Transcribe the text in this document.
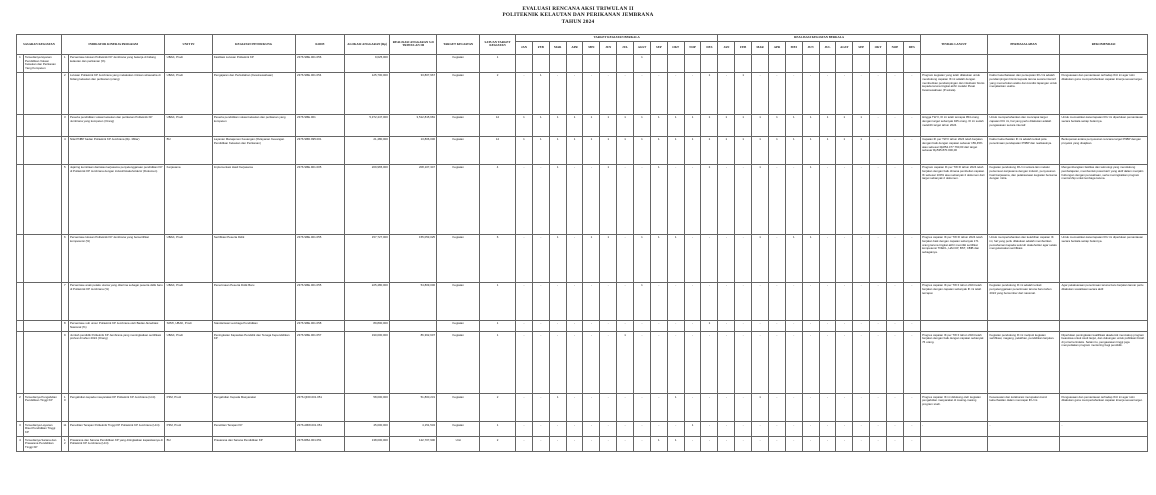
EVALUASI RENCANA AKSI TRIWULAN II
POLITEKNIK KELAUTAN DAN PERIKANAN JEMBRANA
TAHUN 2024
SASARAN KEGIATAN		INDIKATOR KINERJA PROGRAM		UNIT PJ	KEGIATAN PENDUKUNG	KODE	ALOKASI ANGGARAN (Rp)	REALISASI ANGGARAN S.D TRIWULAN III	TARGET KEGIATAN	SATUAN TARGET KEGIATAN	TARGET KEGIATAN BERKALA												REALISASI KEGIATAN BERKALA												TINDAK LANJUT	PERMASALAHAN	REKOMENDASI
											JAN	FEB	MAR	APR	MEI	JUN	JUL	AGST	SEP	OKT	NOP	DES	JAN	FEB	MAR	APR	MEI	JUN	JUL	AGST	SEP	OKT	NOP	DES			
1	Tersedianya layanan Pendidikan Vokasi Kelautan dan Perikanan Yang Kompeten	1	Persentase lulusan Politeknik KP Jembrana yang bekerja di bidang kelautan dan perikanan (%)	UBAK, Prodi	Fasilitasi Lulusan Politeknik KP	2376.SBE.001.056	9,625,000		Kegiatan	1								1																			
		2	Lulusan Politeknik KP Jembrana yang melakukan rintisan wirausaha di bidang kelautan dan perikanan (orang)	UBAK, Prodi	Pengajaran dan Perkuliahan (Kewirausahaan)	2376.SBE.001.054	125,700,000	33,807,967	Kegiatan	2	-	1	-	-	-	-	-	-	-	-	-	1	-	1	-	-	-	-	-	-	-	-	-	-	Program kegiatan yang telah dilakukan untuk mendukung capaian IK ini adalah dengan memberikan pendampingan dan inkubator bisnis kepada taruna tingkat akhir melalui Pusat Kewirausahaan (P-wirata).	Faktor keterbatasan dan persepsian IKU ini adalah pendampingan bisnis kepada taruna secara intensif yang memerlukan waktu dan kondisi lapangan untuk menjalankan usaha.	Penguasaan dan pemantauan terhadap IKU ini agar rutin dilakukan guna mempertahankan capaian kinerja sesuai target.
		3	Peserta pendidikan vokasi kelautan dan perikanan Politeknik KP Jembrana yang kompeten (Orang)	UBAK, Prodi	Peserta pendidikan vokasi kelautan dan perikanan yang kompeten	2376.SBE.001	5,372,447,000	3,512,815,681	Kegiatan	12	1	1	1	1	1	1	1	1	1	1	1	1	1	1	1	1	1	1	1	1	1	-	-	-	Hingga TW II, IK ini telah tercapai 954 orang dengan target sebanyak 945 orang. IK ini sudah melebihi target tahun 2024.	Untuk mempertahankan dan mencapai target capaian IKU ini, hal yang perlu dilakukan adalah pengawasan secara intensif.	Untuk memastikan ketercapaian IKU ini diperlukan pemantauan secara berkala setiap bulannya.
		4	Nilai PNBP badan Politeknik KP Jembrana (Rp. Miliar)	BU	Layanan Manajemen Keuangan (Pelayanan Keuangan Pendidikan Kelautan dan Perikanan)	2376.SBD.995.001	21,480,000	13,806,000	Kegiatan	12	1	1	1	1	1	1	1	1	1	1	1	1	1	1	1	1	1	1	1	1	1	-	-	-	Capaian IK per TW II tahun 2024 telah berjalan dengan baik dengan capaian sebesar 159,45% atau sebesar Rp854.477.760,00 dari target sebesar Rp535.870.000,00	Faktor keberhasilan IK ini adalah terkait pola penerimaan pendapatan PNBP dan realisasinya.	Berkoperasi antara penyusunan rencana target PNBP dengan proyeksi yang disajikan.
		5	Jejaring kemitraan dan/atau kerjasama penyelenggaraan pendidikan KP di Politeknik KP Jembrana dengan industri/stakeholders/ (Dokumen)	Kerjasama	Implementasi Hasil Kerjasama	2376.SBE.901.005	209,965,000	208,107,347	Kegiatan	4	-	-	1	-	-	1	-	-	1	-	-	1	-	-	1	-	-	1	-	-	-	-	-	-	Program capaian IK per TW III tahun 2024 telah berjalan dengan baik dimana pembelian capaian IK sebesar 100% atau sebanyak 2 dokumen dari target sebanyak 2 dokumen.	Kegiatan pendukung IKU ini antara lain melalui pertemuan kerjasama dengan industri, penyusunan hasil kerjasama, dan pelaksanaan kegiatan bersama dengan mitra.	Mengembangkan fasilitas dan teknologi yang mendukung pembelajaran, membentuk pusat karir yang aktif dalam menjalin hubungan dengan perusahaan, serta meningkatkan program mentorship untuk lembaga taruna.
		6	Persentase lulusan Politeknik KP Jembrana yang bersertifikat kompetensi (%)	UBAK, Prodi	Sertifikasi Peserta Didik	2376.SBE.001.055	157,727,000	155,053,025	Kegiatan	6	-	-	1	-	1	1	-	1	1	1	-	-	-	-	1	-	1	1	-	-	-	-	-	-	Progres capaian IK per TW III tahun 2024 telah berjalan baik dengan capaian sebanyak 171 orang taruna tingkat akhir memiliki sertifikat kompetensi TOEFL, HACCP, BST, CBIB dan sebagainya.	Untuk mempertahankan dan kelebihan capaian IK ini, hal yang perlu dilakukan adalah memberikan pemahaman kepada seluruh stakeholder agar selalu mengutamakan sertifikasi.	Untuk memastikan ketercapaian IKU ini diperlukan pemantauan secara berkala setiap bulannya.
		7	Persentase anak pelaku utama yang diterima sebagai peserta didik baru di Politeknik KP Jembrana (%)	UBAK, Prodi	Penerimaan Peserta Didik Baru	2376.SBE.001.055	225,480,000	54,809,000	Kegiatan	1	-	-	-	-	-	-	-	1	-	-	-	-	-	-	-	-	-	-	-	-	-	-	-	-	Progres capaian IK per TW II tahun 2024 telah berjalan dengan capaian sebanyak IK ini telah tercapai.	Kegiatan pendukung IK ini adalah terkait penyelenggaraan penerimaan taruna baru tahun 2024 yang bersumber dari nasional.	Agar pelaksanaan penerimaan taruna baru berjalan lancar perlu dilakukan sosialisasi secara aktif.
		8	Persentase sub unsur Politeknik KP Jembrana oleh Badan Akreditasi Nasional (%)	SPMI, UBAK, Prodi	Standarisasi Lembaga Pendidikan	2376.SBE.001.058	89,800,000		Kegiatan	1	-	-	-	-	-	-	-	-	-	-	-	1	-	-	-	-	-	-	-	-	-	-	-	-			
		9	Jumlah pendidik Politeknik KP Jembrana yang meningkatkan sertifikasi profesi di tahun 2024 (Orang)	UBAK, Prodi	Peningkatan Kapasitas Pendidik dan Tenaga Kependidikan KP	2376.SBE.001.057	190,000,000	86,362,607	Kegiatan	1	-	-	-	-	-	-	1	-	-	-	-	-	-	-	-	-	-	-	-	-	-	-	-	-	Progres capaian IK per TW II tahun 2024 telah berjalan dengan baik dengan capaian sebanyak 76 orang.	Kegiatan pendukung IK ini meliputi kegiatan sertifikasi, magang, pelatihan, pendidikan lanjutan.	Diperlukan peningkatan kualifikasi akademik mencakup program beasiswa untuk studi lanjut, dan dukungan untuk publikasi ilmiah di jurnal terindeks. Selain itu, pengawasan tinggi juga menyediakan program mentoring bagi pendidik.
2	Tersedianya Pengabdian Pendidikan Tinggi KP	10	Pengabdian kepada masyarakat KP Politeknik KP Jembrana (Unit)	P3M, Prodi	Pengabdian Kepada Masyarakat	2376.QDD.001.051	58,000,000	51,800,231	Kegiatan	2	-	-	1	-	-	-	-	-	-	1	-	-	-	-	1	-	-	-	-	-	-	-	-	-	Progres capaian IK ini didukung oleh kegiatan pengabdian masyarakat di masing-masing program studi.	Kesesuaian dan kolaborasi merupakan kunci keberhasilan dalam mencapai IKU ini.	Penguasaan dan pemantauan terhadap IKU ini agar rutin dilakukan guna mempertahankan capaian kinerja sesuai target.
3	Tersedianya Layanan Riset Pendidikan Tinggi KP	11	Penelitian Terapan Politeknik Tinggi KP Politeknik KP Jembrana (Unit)	P3M, Prodi	Penelitian Terapan KP	2376.ABW.001.051	45,000,000	4,151,534	Kegiatan	1	-	-	-	-	-	-	-	-	-	-	1	-	-	-	-	-	-	-	-	-	-	-	-	-	-	-	-
4	Tersedianya Sarana dan Prasarana Pendidikan Tinggi KP	12	Prasarana dan Sarana Pendidikan KP yang ditingkatkan kapasitasnya di Politeknik KP Jembrana (Unit)	BU	Prasarana dan Sarana Pendidikan KP	2376.RBA.001.051	138,000,000	122,707,900	Unit	2	-	-	-	-	-	-	-	-	1	1	-	-	-	-	-	-	-	-	-	-	-	-	-	-			
